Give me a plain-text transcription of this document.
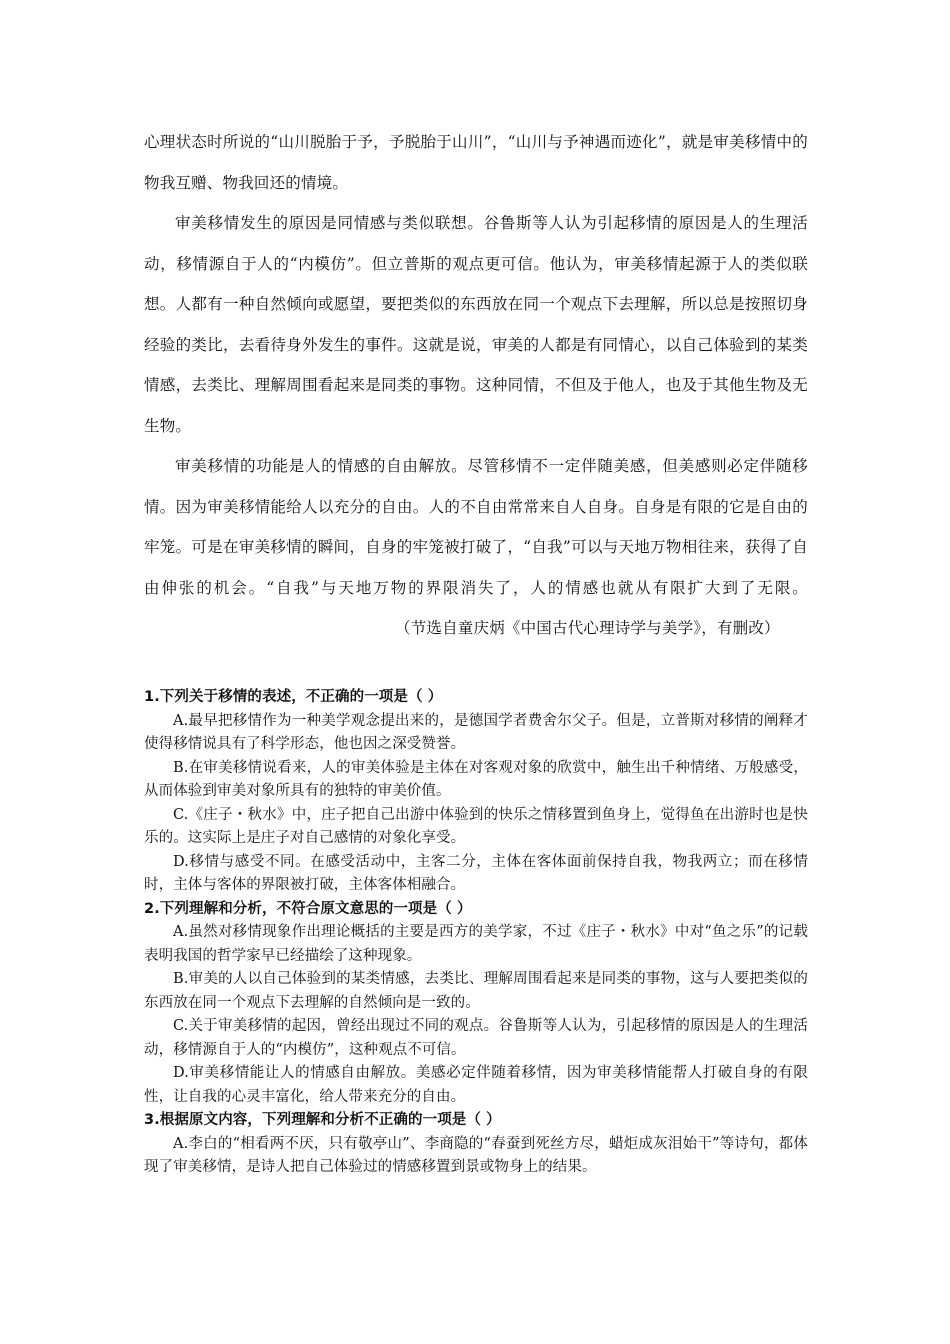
心理状态时所说的“山川脱胎于予，予脱胎于山川”，“山川与予神遇而迹化”，就是审美移情中的物我互赠、物我回还的情境。

审美移情发生的原因是同情感与类似联想。谷鲁斯等人认为引起移情的原因是人的生理活动，移情源自于人的“内模仿”。但立普斯的观点更可信。他认为，审美移情起源于人的类似联想。人都有一种自然倾向或愿望，要把类似的东西放在同一个观点下去理解，所以总是按照切身经验的类比，去看待身外发生的事件。这就是说，审美的人都是有同情心，以自己体验到的某类情感，去类比、理解周围看起来是同类的事物。这种同情，不但及于他人，也及于其他生物及无生物。

审美移情的功能是人的情感的自由解放。尽管移情不一定伴随美感，但美感则必定伴随移情。因为审美移情能给人以充分的自由。人的不自由常常来自人自身。自身是有限的它是自由的牢笼。可是在审美移情的瞬间，自身的牢笼被打破了，“自我”可以与天地万物相往来，获得了自由伸张的机会。“自我”与天地万物的界限消失了，人的情感也就从有限扩大到了无限。（节选自童庆炳《中国古代心理诗学与美学》，有删改）

1.下列关于移情的表述，不正确的一项是（ ）

A.最早把移情作为一种美学观念提出来的，是德国学者费舍尔父子。但是，立普斯对移情的阐释才使得移情说具有了科学形态，他也因之深受赞誉。

B.在审美移情说看来，人的审美体验是主体在对客观对象的欣赏中，触生出千种情绪、万般感受，从而体验到审美对象所具有的独特的审美价值。

C.《庄子・秋水》中，庄子把自己出游中体验到的快乐之情移置到鱼身上，觉得鱼在出游时也是快乐的。这实际上是庄子对自己感情的对象化享受。

D.移情与感受不同。在感受活动中，主客二分，主体在客体面前保持自我，物我两立；而在移情时，主体与客体的界限被打破，主体客体相融合。

2.下列理解和分析，不符合原文意思的一项是（ ）

A.虽然对移情现象作出理论概括的主要是西方的美学家，不过《庄子・秋水》中对“鱼之乐”的记载表明我国的哲学家早已经描绘了这种现象。

B.审美的人以自己体验到的某类情感，去类比、理解周围看起来是同类的事物，这与人要把类似的东西放在同一个观点下去理解的自然倾向是一致的。

C.关于审美移情的起因，曾经出现过不同的观点。谷鲁斯等人认为，引起移情的原因是人的生理活动，移情源自于人的“内模仿”，这种观点不可信。

D.审美移情能让人的情感自由解放。美感必定伴随着移情，因为审美移情能帮人打破自身的有限性，让自我的心灵丰富化，给人带来充分的自由。

3.根据原文内容，下列理解和分析不正确的一项是（ ）

A.李白的“相看两不厌，只有敬亭山”、李商隐的“春蚕到死丝方尽，蜡炬成灰泪始干”等诗句，都体现了审美移情，是诗人把自己体验过的情感移置到景或物身上的结果。
